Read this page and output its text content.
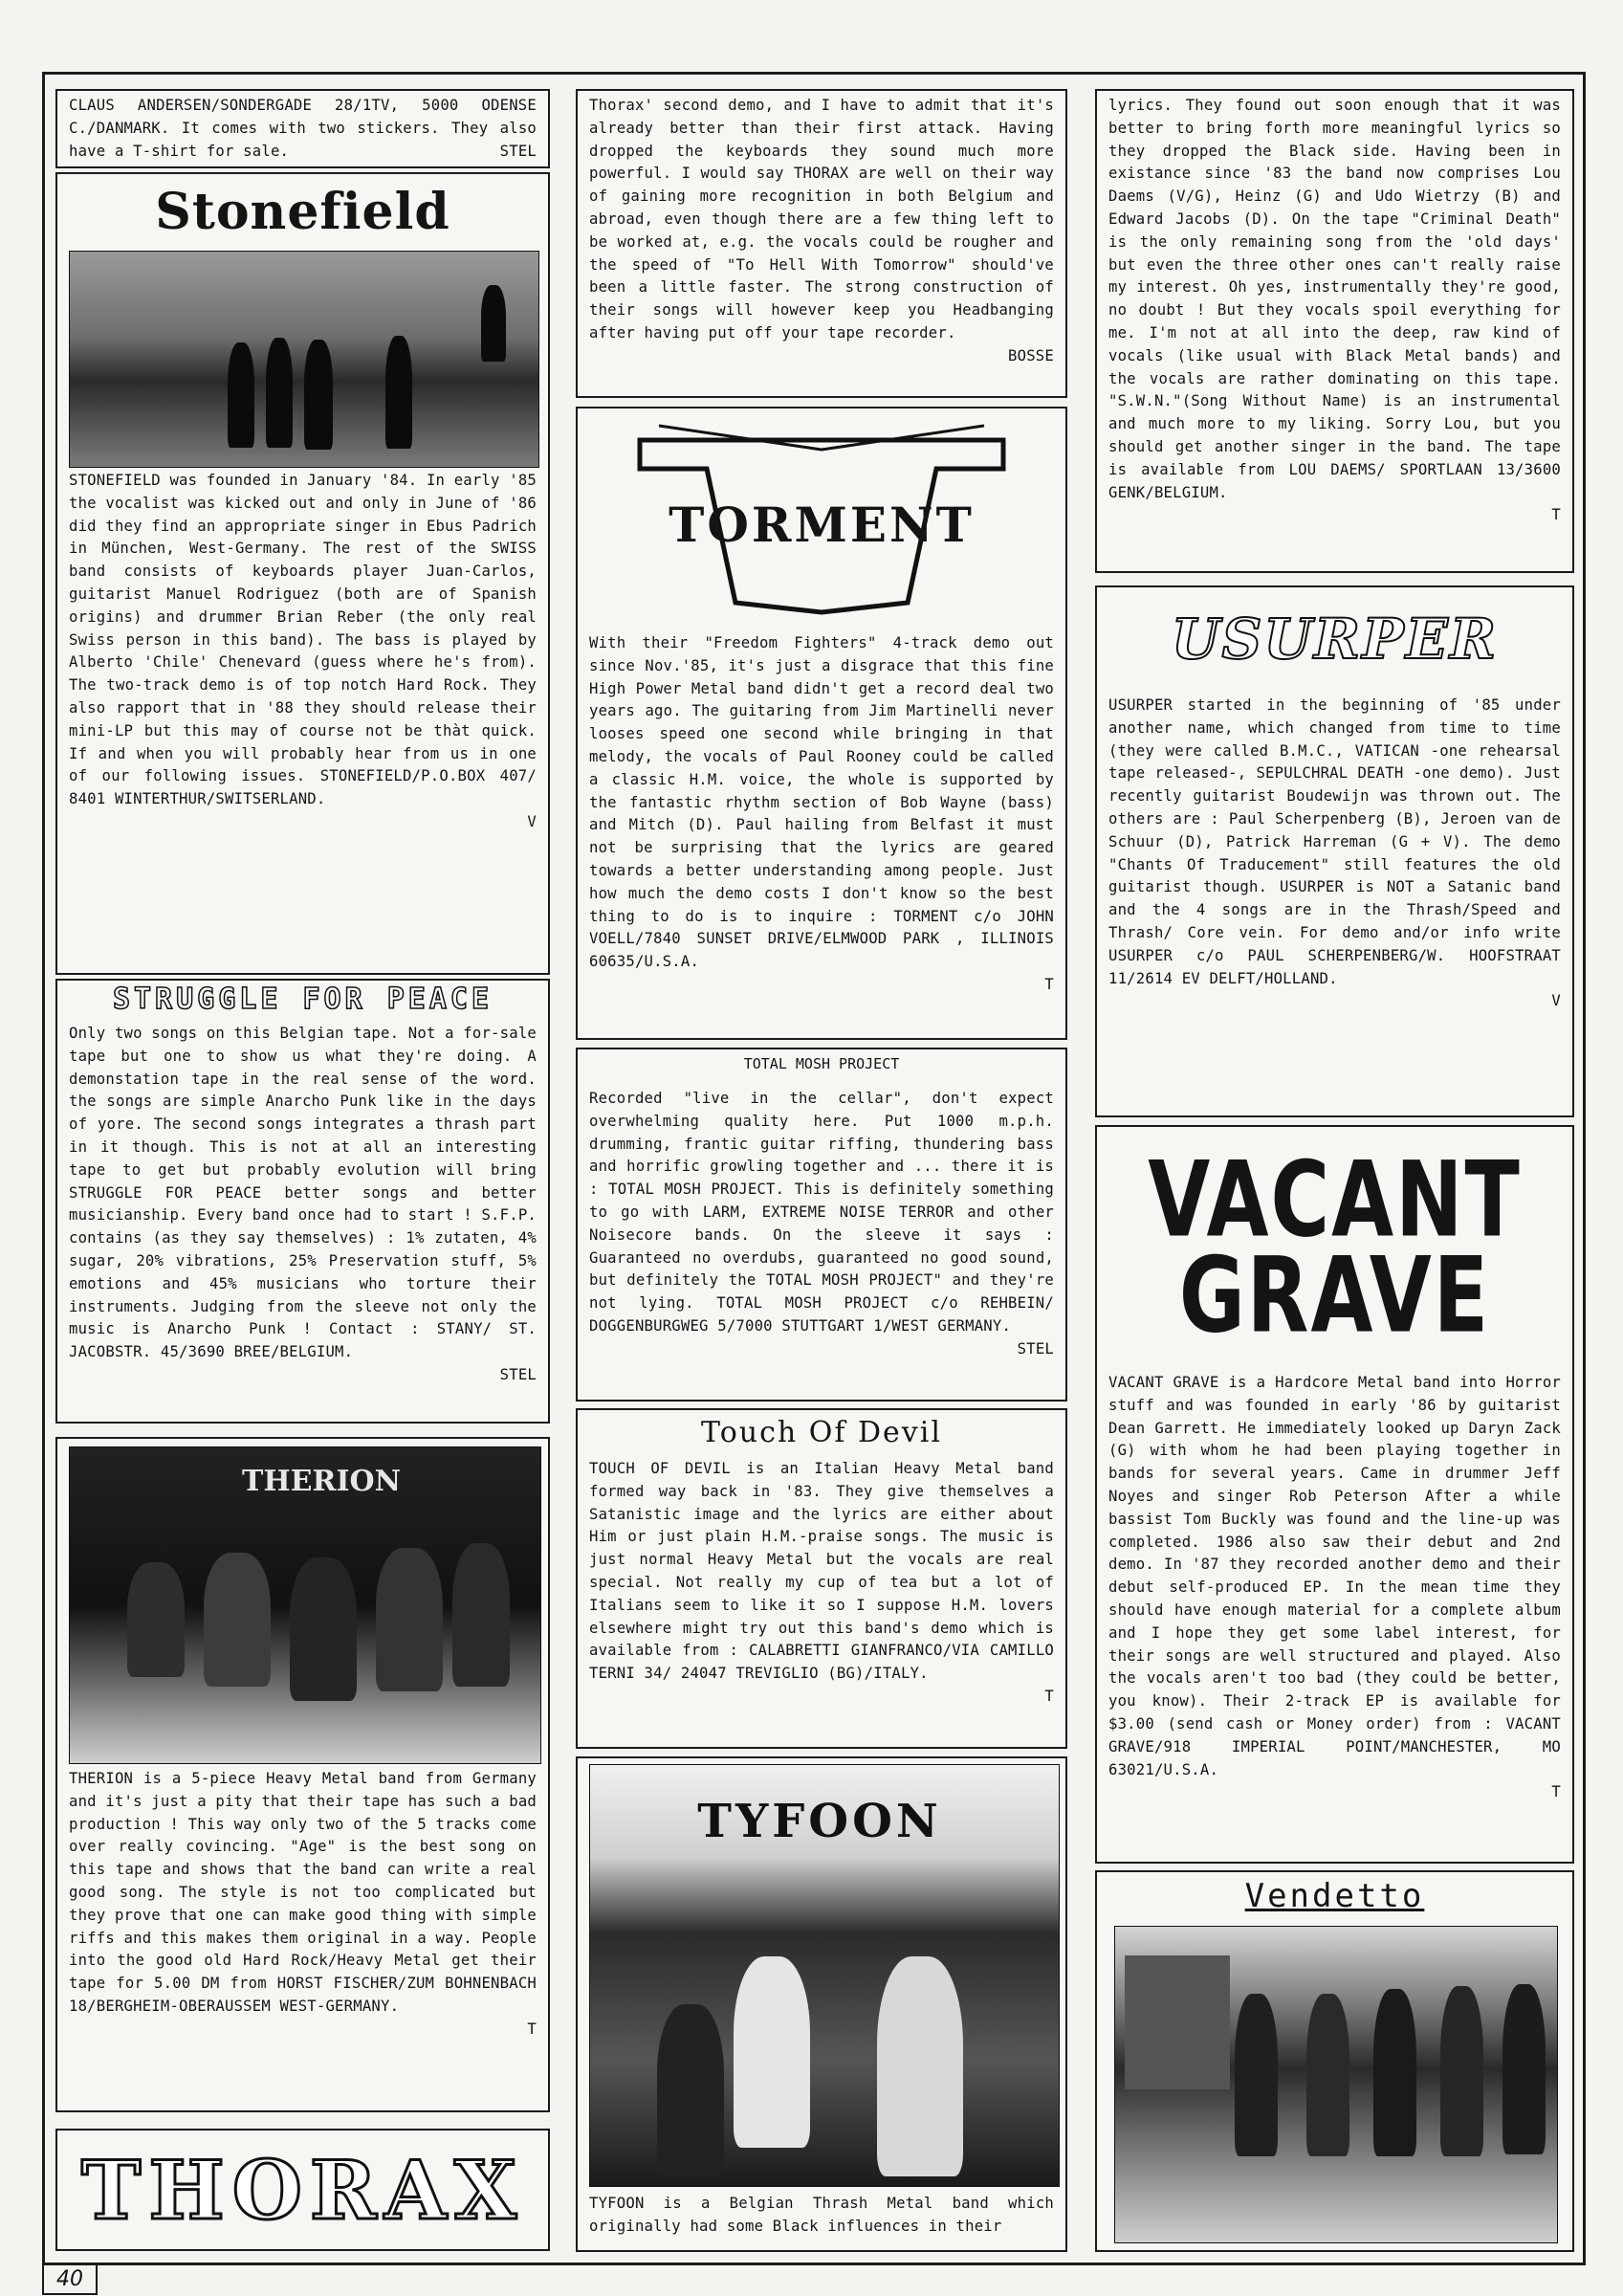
CLAUS ANDERSEN/SONDERGADE 28/1TV, 5000 ODENSE C./DANMARK. It comes with two stickers. They also have a T-shirt for sale.	STEL
Stonefield
STONEFIELD was founded in January '84. In early '85 the vocalist was kicked out and only in June of '86 did they find an appropriate singer in Ebus Padrich in München, West-Germany. The rest of the SWISS band consists of keyboards player Juan-Carlos, guitarist Manuel Rodriguez (both are of Spanish origins) and drummer Brian Reber (the only real Swiss person in this band). The bass is played by Alberto 'Chile' Chenevard (guess where he's from). The two-track demo is of top notch Hard Rock. They also rapport that in '88 they should release their mini-LP but this may of course not be thàt quick. If and when you will probably hear from us in one of our following issues. STONEFIELD/P.O.BOX 407/ 8401 WINTERTHUR/SWITSERLAND.
V
STRUGGLE FOR PEACE
Only two songs on this Belgian tape. Not a for-sale tape but one to show us what they're doing. A demonstation tape in the real sense of the word. the songs are simple Anarcho Punk like in the days of yore. The second songs integrates a thrash part in it though. This is not at all an interesting tape to get but probably evolution will bring STRUGGLE FOR PEACE better songs and better musicianship. Every band once had to start ! S.F.P. contains (as they say themselves) : 1% zutaten, 4% sugar, 20% vibrations, 25% Preservation stuff, 5% emotions and 45% musicians who torture their instruments. Judging from the sleeve not only the music is Anarcho Punk ! Contact : STANY/ ST. JACOBSTR. 45/3690 BREE/BELGIUM.
STEL
THERION
THERION is a 5-piece Heavy Metal band from Germany and it's just a pity that their tape has such a bad production ! This way only two of the 5 tracks come over really covincing. "Age" is the best song on this tape and shows that the band can write a real good song. The style is not too complicated but they prove that one can make good thing with simple riffs and this makes them original in a way. People into the good old Hard Rock/Heavy Metal get their tape for 5.00 DM from HORST FISCHER/ZUM BOHNENBACH 18/BERGHEIM-OBERAUSSEM WEST-GERMANY.
T
THORAX
Thorax' second demo, and I have to admit that it's already better than their first attack. Having dropped the keyboards they sound much more powerful. I would say THORAX are well on their way of gaining more recognition in both Belgium and abroad, even though there are a few thing left to be worked at, e.g. the vocals could be rougher and the speed of "To Hell With Tomorrow" should've been a little faster. The strong construction of their songs will however keep you Headbanging after having put off your tape recorder.
BOSSE
TORMENT
With their "Freedom Fighters" 4-track demo out since Nov.'85, it's just a disgrace that this fine High Power Metal band didn't get a record deal two years ago. The guitaring from Jim Martinelli never looses speed one second while bringing in that melody, the vocals of Paul Rooney could be called a classic H.M. voice, the whole is supported by the fantastic rhythm section of Bob Wayne (bass) and Mitch (D). Paul hailing from Belfast it must not be surprising that the lyrics are geared towards a better understanding among people. Just how much the demo costs I don't know so the best thing to do is to inquire : TORMENT c/o JOHN VOELL/7840 SUNSET DRIVE/ELMWOOD PARK , ILLINOIS 60635/U.S.A.
T
TOTAL MOSH PROJECT
Recorded "live in the cellar", don't expect overwhelming quality here. Put 1000 m.p.h. drumming, frantic guitar riffing, thundering bass and horrific growling together and ... there it is : TOTAL MOSH PROJECT. This is definitely something to go with LARM, EXTREME NOISE TERROR and other Noisecore bands. On the sleeve it says : Guaranteed no overdubs, guaranteed no good sound, but definitely the TOTAL MOSH PROJECT" and they're not lying. TOTAL MOSH PROJECT c/o REHBEIN/ DOGGENBURGWEG 5/7000 STUTTGART 1/WEST GERMANY.
STEL
Touch Of Devil
TOUCH OF DEVIL is an Italian Heavy Metal band formed way back in '83. They give themselves a Satanistic image and the lyrics are either about Him or just plain H.M.-praise songs. The music is just normal Heavy Metal but the vocals are real special. Not really my cup of tea but a lot of Italians seem to like it so I suppose H.M. lovers elsewhere might try out this band's demo which is available from : CALABRETTI GIANFRANCO/VIA CAMILLO TERNI 34/ 24047 TREVIGLIO (BG)/ITALY.
T
TYFOON
TYFOON is a Belgian Thrash Metal band which originally had some Black influences in their
lyrics. They found out soon enough that it was better to bring forth more meaningful lyrics so they dropped the Black side. Having been in existance since '83 the band now comprises Lou Daems (V/G), Heinz (G) and Udo Wietrzy (B) and Edward Jacobs (D). On the tape "Criminal Death" is the only remaining song from the 'old days' but even the three other ones can't really raise my interest. Oh yes, instrumentally they're good, no doubt ! But they vocals spoil everything for me. I'm not at all into the deep, raw kind of vocals (like usual with Black Metal bands) and the vocals are rather dominating on this tape. "S.W.N."(Song Without Name) is an instrumental and much more to my liking. Sorry Lou, but you should get another singer in the band. The tape is available from LOU DAEMS/ SPORTLAAN 13/3600 GENK/BELGIUM.
T
USURPER
USURPER started in the beginning of '85 under another name, which changed from time to time (they were called B.M.C., VATICAN -one rehearsal tape released-, SEPULCHRAL DEATH -one demo). Just recently guitarist Boudewijn was thrown out. The others are : Paul Scherpenberg (B), Jeroen van de Schuur (D), Patrick Harreman (G + V). The demo "Chants Of Traducement" still features the old guitarist though. USURPER is NOT a Satanic band and the 4 songs are in the Thrash/Speed and Thrash/ Core vein. For demo and/or info write USURPER c/o PAUL SCHERPENBERG/W. HOOFSTRAAT 11/2614 EV DELFT/HOLLAND.
V
VACANT
GRAVE
VACANT GRAVE is a Hardcore Metal band into Horror stuff and was founded in early '86 by guitarist Dean Garrett. He immediately looked up Daryn Zack (G) with whom he had been playing together in bands for several years. Came in drummer Jeff Noyes and singer Rob Peterson After a while bassist Tom Buckly was found and the line-up was completed. 1986 also saw their debut and 2nd demo. In '87 they recorded another demo and their debut self-produced EP. In the mean time they should have enough material for a complete album and I hope they get some label interest, for their songs are well structured and played. Also the vocals aren't too bad (they could be better, you know). Their 2-track EP is available for $3.00 (send cash or Money order) from : VACANT GRAVE/918 IMPERIAL POINT/MANCHESTER, MO 63021/U.S.A.
T
Vendetto
40
